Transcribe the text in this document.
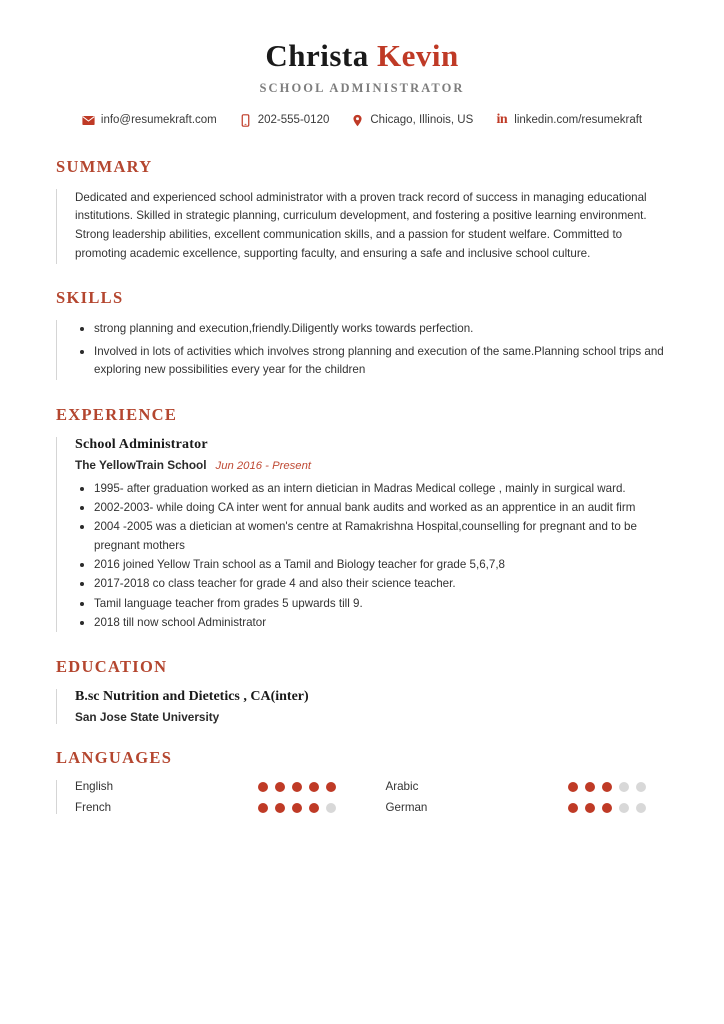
Christa Kevin
SCHOOL ADMINISTRATOR
info@resumekraft.com	202-555-0120	Chicago, Illinois, US in linkedin.com/resumekraft
SUMMARY

Dedicated and experienced school administrator with a proven track record of success in managing educational institutions. Skilled in strategic planning, curriculum development, and fostering a positive learning environment. Strong leadership abilities, excellent communication skills, and a passion for student welfare. Committed to promoting academic excellence, supporting faculty, and ensuring a safe and inclusive school culture.

SKILLS
strong planning and execution,friendly.Diligently works towards perfection.
Involved in lots of activities which involves strong planning and execution of the same.Planning school trips and exploring new possibilities every year for the children
EXPERIENCE
School Administrator
The YellowTrain School Jun 2016 - Present
1995- after graduation worked as an intern dietician in Madras Medical college , mainly in surgical ward.
2002-2003- while doing CA inter went for annual bank audits and worked as an apprentice in an audit firm
2004 -2005 was a dietician at women's centre at Ramakrishna Hospital,counselling for pregnant and to be pregnant mothers
2016 joined Yellow Train school as a Tamil and Biology teacher for grade 5,6,7,8
2017-2018 co class teacher for grade 4 and also their science teacher.
Tamil language teacher from grades 5 upwards till 9.
2018 till now school Administrator
EDUCATION
B.sc Nutrition and Dietetics , CA(inter)
San Jose State University
LANGUAGES
English	Arabic
French	German
